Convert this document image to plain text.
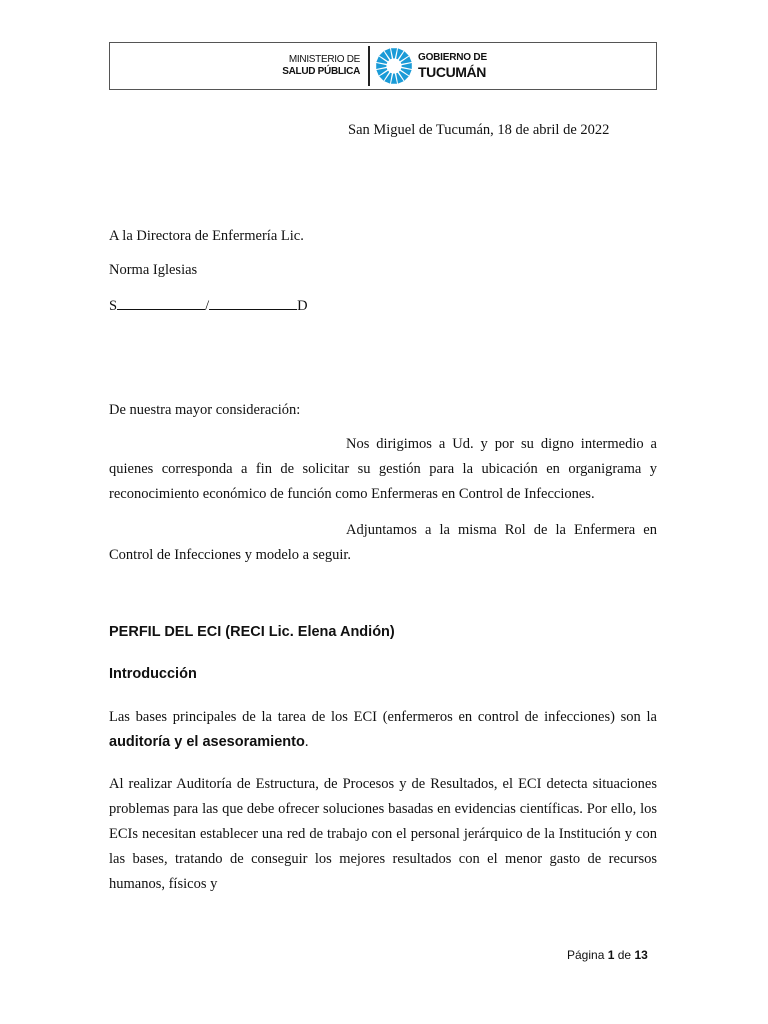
MINISTERIO DE
SALUD PÚBLICA
GOBIERNO DE
TUCUMÁN
San Miguel de Tucumán, 18 de abril de 2022
A la Directora de Enfermería Lic.
Norma Iglesias
S	/	D
De nuestra mayor consideración:
Nos dirigimos a Ud. y por su digno intermedio a quienes corresponda a fin de solicitar su gestión para la ubicación en organigrama y reconocimiento económico de función como Enfermeras en Control de Infecciones.
Adjuntamos a la misma Rol de la Enfermera en Control de Infecciones y modelo a seguir.
PERFIL DEL ECI (RECI Lic. Elena Andión)
Introducción
Las bases principales de la tarea de los ECI (enfermeros en control de infecciones) son la auditoría y el asesoramiento.
Al realizar Auditoría de Estructura, de Procesos y de Resultados, el ECI detecta situaciones problemas para las que debe ofrecer soluciones basadas en evidencias científicas. Por ello, los ECIs necesitan establecer una red de trabajo con el personal jerárquico de la Institución y con las bases, tratando de conseguir los mejores resultados con el menor gasto de recursos humanos, físicos y
Página 1 de 13
